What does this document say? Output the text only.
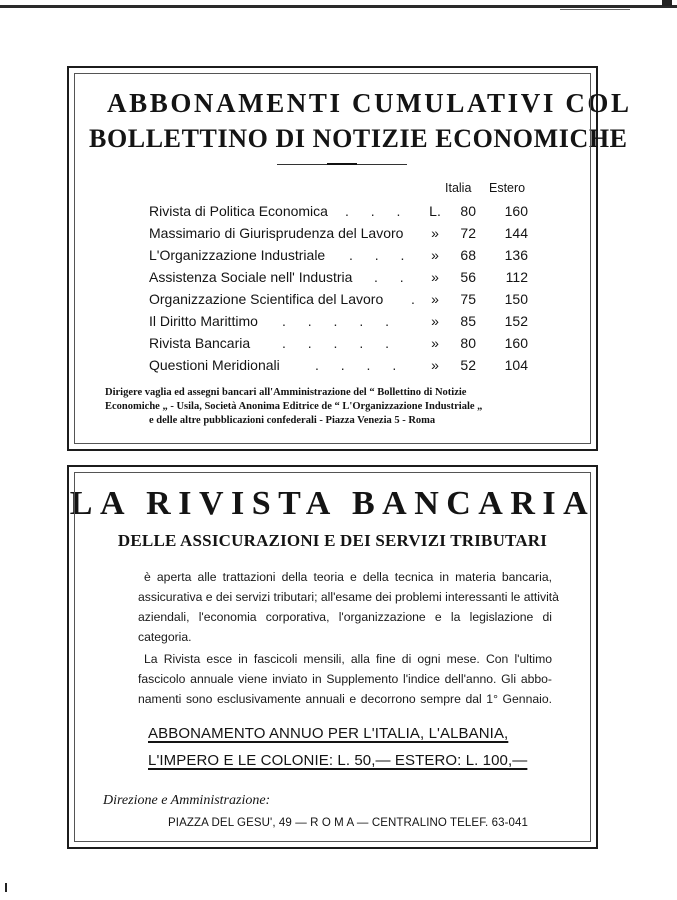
ABBONAMENTI CUMULATIVI COL
BOLLETTINO DI NOTIZIE ECONOMICHE
Italia Estero
Rivista di Politica Economica . . . L.	80	160
Massimario di Giurisprudenza del Lavoro »	72	144
L'Organizzazione Industriale . . . »	68	136
Assistenza Sociale nell' Industria . . »	56	112
Organizzazione Scientifica del Lavoro . »	75	150
Il Diritto Marittimo . . . . . »	85	152
Rivista Bancaria . . . . . »	80	160
Questioni Meridionali	. . . . »	52	104
Dirigere vaglia ed assegni bancari all'Amministrazione del “ Bollettino di Notizie
Economiche „ - Usila, Società Anonima Editrice de “ L'Organizzazione Industriale „
e delle altre pubblicazioni confederali - Piazza Venezia 5 - Roma
LA RIVISTA BANCARIA
DELLE ASSICURAZIONI E DEI SERVIZI TRIBUTARI
è aperta alle trattazioni della teoria e della tecnica in materia bancaria,
assicurativa e dei servizi tributari; all'esame dei problemi interessanti le attività
aziendali, l'economia corporativa, l'organizzazione e la legislazione di
categoria.
La Rivista esce in fascicoli mensili, alla fine di ogni mese. Con l'ultimo
fascicolo annuale viene inviato in Supplemento l'indice dell'anno. Gli abbo-
namenti sono esclusivamente annuali e decorrono sempre dal 1° Gennaio.
ABBONAMENTO ANNUO PER L'ITALIA, L'ALBANIA,
L'IMPERO E LE COLONIE: L. 50,— ESTERO: L. 100,—
Direzione e Amministrazione:
PIAZZA DEL GESU', 49 — R O M A — CENTRALINO TELEF. 63-041
